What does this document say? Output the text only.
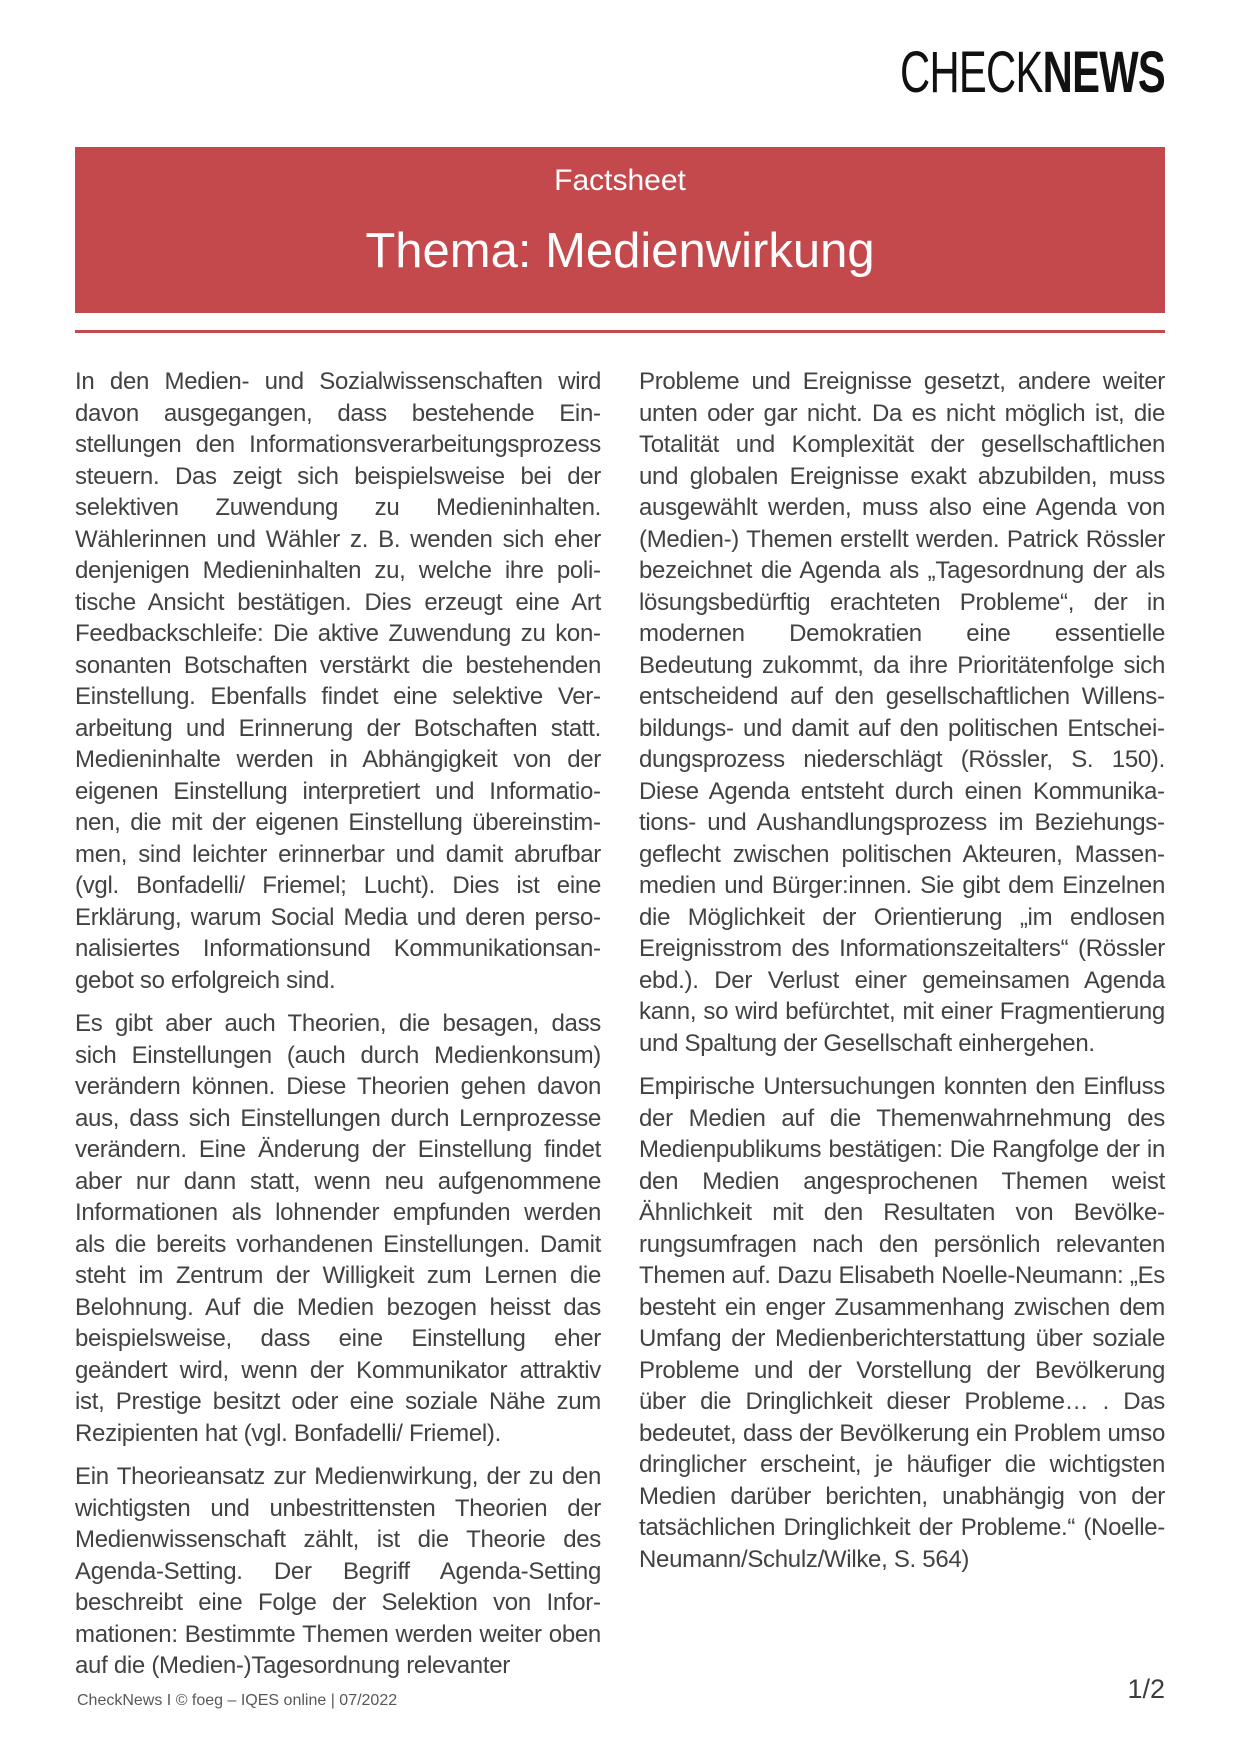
CHECKNEWS
Factsheet
Thema: Medienwirkung

In den Medien- und Sozialwissenschaften wird davon ausgegangen, dass bestehende Einstellungen den Informationsverarbeitungsprozess steuern. Das zeigt sich beispielsweise bei der selektiven Zuwendung zu Medieninhalten. Wählerinnen und Wähler z. B. wenden sich eher denjenigen Medieninhalten zu, welche ihre politische Ansicht bestätigen. Dies erzeugt eine Art Feedbackschleife: Die aktive Zuwendung zu konsonanten Botschaften verstärkt die bestehenden Einstellung. Ebenfalls findet eine selektive Verarbeitung und Erinnerung der Botschaften statt. Medieninhalte werden in Abhängigkeit von der eigenen Einstellung interpretiert und Informationen, die mit der eigenen Einstellung übereinstimmen, sind leichter erinnerbar und damit abrufbar (vgl. Bonfadelli/ Friemel; Lucht). Dies ist eine Erklärung, warum Social Media und deren personalisiertes Informationsund Kommunikationsangebot so erfolgreich sind.

Es gibt aber auch Theorien, die besagen, dass sich Einstellungen (auch durch Medienkonsum) verändern können. Diese Theorien gehen davon aus, dass sich Einstellungen durch Lernprozesse verändern. Eine Änderung der Einstellung findet aber nur dann statt, wenn neu aufgenommene Informationen als lohnender empfunden werden als die bereits vorhandenen Einstellungen. Damit steht im Zentrum der Willigkeit zum Lernen die Belohnung. Auf die Medien bezogen heisst das beispielsweise, dass eine Einstellung eher geändert wird, wenn der Kommunikator attraktiv ist, Prestige besitzt oder eine soziale Nähe zum Rezipienten hat (vgl. Bonfadelli/ Friemel).

Ein Theorieansatz zur Medienwirkung, der zu den wichtigsten und unbestrittensten Theorien der Medienwissenschaft zählt, ist die Theorie des Agenda-Setting. Der Begriff Agenda-Setting beschreibt eine Folge der Selektion von Informationen: Bestimmte Themen werden weiter oben auf die (Medien-)Tagesordnung relevanter

Probleme und Ereignisse gesetzt, andere weiter unten oder gar nicht. Da es nicht möglich ist, die Totalität und Komplexität der gesellschaftlichen und globalen Ereignisse exakt abzubilden, muss ausgewählt werden, muss also eine Agenda von (Medien-) Themen erstellt werden. Patrick Rössler bezeichnet die Agenda als „Tagesordnung der als lösungsbedürftig erachteten Probleme“, der in modernen Demokratien eine essentielle Bedeutung zukommt, da ihre Prioritätenfolge sich entscheidend auf den gesellschaftlichen Willensbildungs- und damit auf den politischen Entscheidungsprozess niederschlägt (Rössler, S. 150). Diese Agenda entsteht durch einen Kommunikations- und Aushandlungsprozess im Beziehungsgeflecht zwischen politischen Akteuren, Massenmedien und Bürger:innen. Sie gibt dem Einzelnen die Möglichkeit der Orientierung „im endlosen Ereignisstrom des Informationszeitalters“ (Rössler ebd.). Der Verlust einer gemeinsamen Agenda kann, so wird befürchtet, mit einer Fragmentierung und Spaltung der Gesellschaft einhergehen.

Empirische Untersuchungen konnten den Einfluss der Medien auf die Themenwahrnehmung des Medienpublikums bestätigen: Die Rangfolge der in den Medien angesprochenen Themen weist Ähnlichkeit mit den Resultaten von Bevölkerungsumfragen nach den persönlich relevanten Themen auf. Dazu Elisabeth Noelle-Neumann: „Es besteht ein enger Zusammenhang zwischen dem Umfang der Medienberichterstattung über soziale Probleme und der Vorstellung der Bevölkerung über die Dringlichkeit dieser Probleme… . Das bedeutet, dass der Bevölkerung ein Problem umso dringlicher erscheint, je häufiger die wichtigsten Medien darüber berichten, unabhängig von der tatsächlichen Dringlichkeit der Probleme.“ (Noelle-Neumann/Schulz/Wilke, S. 564)

CheckNews I © foeg – IQES online | 07/2022	1/2
